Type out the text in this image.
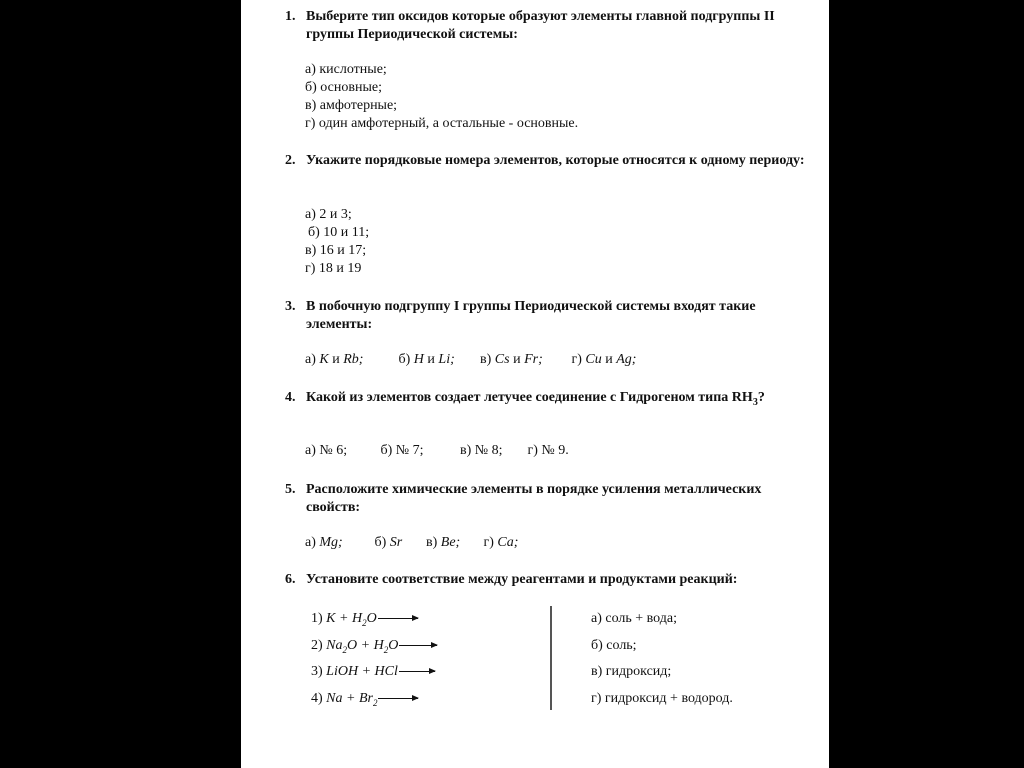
1. Выберите тип оксидов которые образуют элементы главной подгруппы II группы Периодической системы:
а) кислотные;
б) основные;
в) амфотерные;
г) один амфотерный, а остальные - основные.
2. Укажите порядковые номера элементов, которые относятся к одному периоду:
а) 2 и 3;
б) 10 и 11;
в) 16 и 17;
г) 18 и 19
3. В побочную подгруппу I группы Периодической системы входят такие элементы:
а) K и Rb;	б) H и Li; в) Cs и Fr; г) Cu и Ag;
4. Какой из элементов создает летучее соединение с Гидрогеном типа $RH_3$?
а) № 6; б) № 7;	в) № 8; г) № 9.
5. Расположите химические элементы в порядке усиления металлических свойств:
а) Mg; б) Sr в) Be; г) Ca;
6. Установите соответствие между реагентами и продуктами реакций:
1) $K + H_2O$
2) $Na_2O + H_2O$
3) LiOH + HCl
4) $Na + Br_2$
а) соль + вода;
б) соль;
в) гидроксид;
г) гидроксид + водород.
